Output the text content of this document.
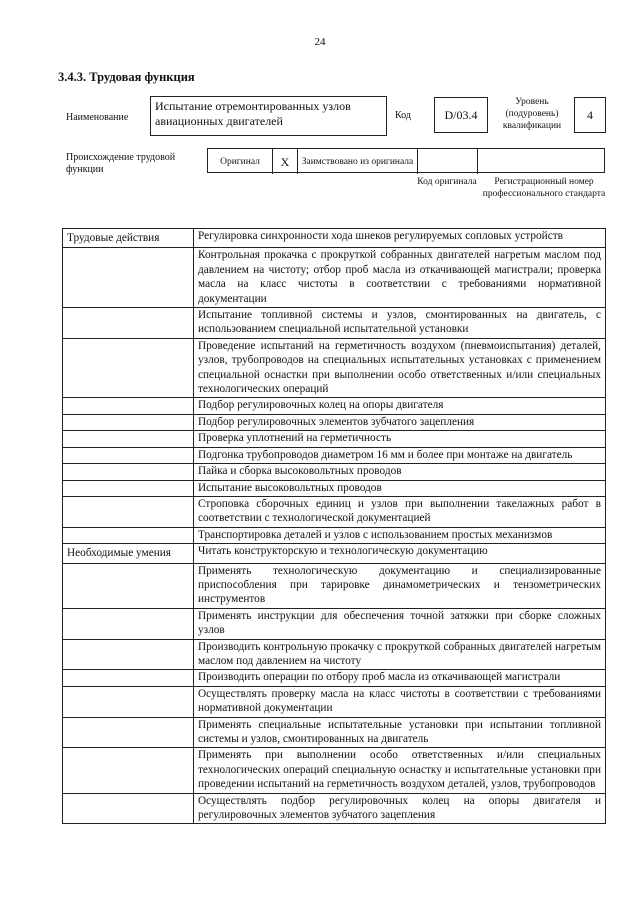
24
3.4.3. Трудовая функция
Наименование
Испытание отремонтированных узлов авиационных двигателей	Код	D/03.4
Уровень (подуровень) квалификации
4
Происхождение трудовой функции
Оригинал	X	Заимствовано из оригинала
Код оригинала	Регистрационный номер профессионального стандарта
Трудовые действия	Регулировка синхронности хода шнеков регулируемых сопловых устройств
	Контрольная прокачка с прокруткой собранных двигателей нагретым маслом под давлением на чистоту; отбор проб масла из откачивающей магистрали; проверка масла на класс чистоты в соответствии с требованиями нормативной документации
	Испытание топливной системы и узлов, смонтированных на двигатель, с использованием специальной испытательной установки
	Проведение испытаний на герметичность воздухом (пневмоиспытания) деталей, узлов, трубопроводов на специальных испытательных установках с применением специальной оснастки при выполнении особо ответственных и/или специальных технологических операций
	Подбор регулировочных колец на опоры двигателя
	Подбор регулировочных элементов зубчатого зацепления
	Проверка уплотнений на герметичность
	Подгонка трубопроводов диаметром 16 мм и более при монтаже на двигатель
	Пайка и сборка высоковольтных проводов
	Испытание высоковольтных проводов
	Строповка сборочных единиц и узлов при выполнении такелажных работ в соответствии с технологической документацией
	Транспортировка деталей и узлов с использованием простых механизмов
Необходимые умения	Читать конструкторскую и технологическую документацию
	Применять технологическую документацию и специализированные приспособления при тарировке динамометрических и тензометрических инструментов
	Применять инструкции для обеспечения точной затяжки при сборке сложных узлов
	Производить контрольную прокачку с прокруткой собранных двигателей нагретым маслом под давлением на чистоту
	Производить операции по отбору проб масла из откачивающей магистрали
	Осуществлять проверку масла на класс чистоты в соответствии с требованиями нормативной документации
	Применять специальные испытательные установки при испытании топливной системы и узлов, смонтированных на двигатель
	Применять при выполнении особо ответственных и/или специальных технологических операций специальную оснастку и испытательные установки при проведении испытаний на герметичность воздухом деталей, узлов, трубопроводов
	Осуществлять подбор регулировочных колец на опоры двигателя и регулировочных элементов зубчатого зацепления
